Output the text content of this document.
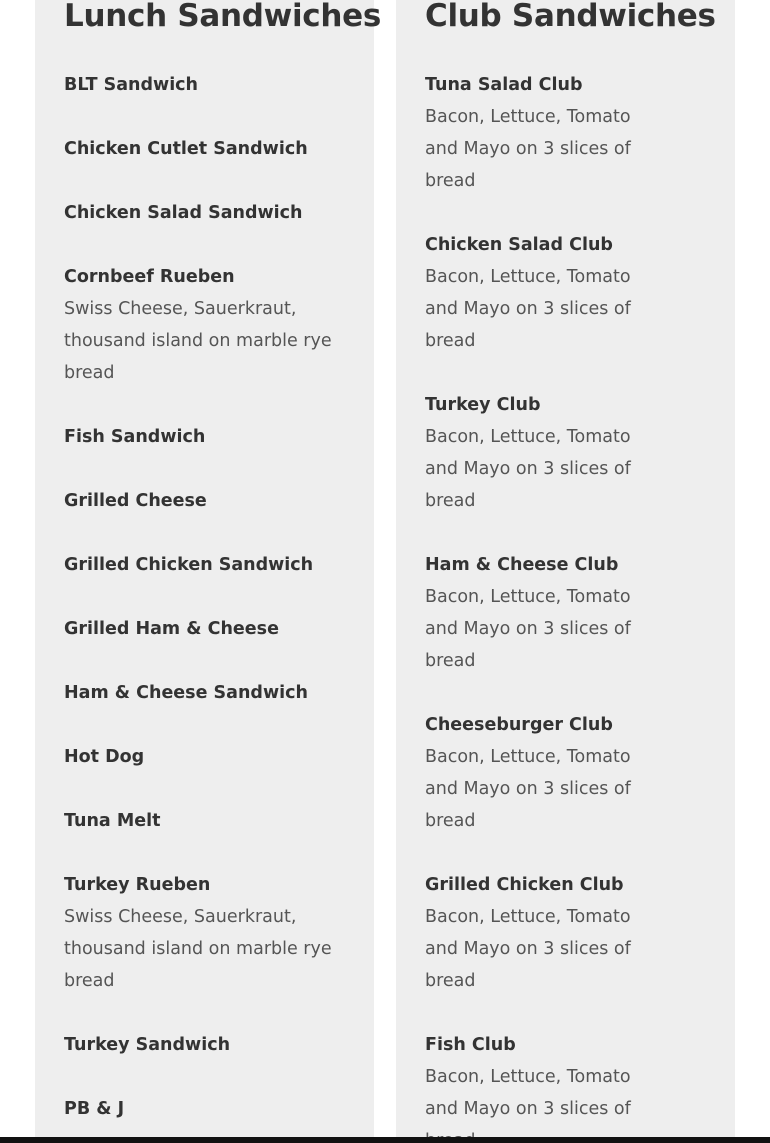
Lunch Sandwiches
BLT Sandwich
Chicken Cutlet Sandwich
Chicken Salad Sandwich
Cornbeef Rueben
Swiss Cheese, Sauerkraut, thousand island on marble rye bread
Fish Sandwich
Grilled Cheese
Grilled Chicken Sandwich
Grilled Ham & Cheese
Ham & Cheese Sandwich
Hot Dog
Tuna Melt
Turkey Rueben
Swiss Cheese, Sauerkraut, thousand island on marble rye bread
Turkey Sandwich
PB & J
Club Sandwiches
Tuna Salad Club
Bacon, Lettuce, Tomato and Mayo on 3 slices of bread
Chicken Salad Club
Bacon, Lettuce, Tomato and Mayo on 3 slices of bread
Turkey Club
Bacon, Lettuce, Tomato and Mayo on 3 slices of bread
Ham & Cheese Club
Bacon, Lettuce, Tomato and Mayo on 3 slices of bread
Cheeseburger Club
Bacon, Lettuce, Tomato and Mayo on 3 slices of bread
Grilled Chicken Club
Bacon, Lettuce, Tomato and Mayo on 3 slices of bread
Fish Club
Bacon, Lettuce, Tomato and Mayo on 3 slices of
